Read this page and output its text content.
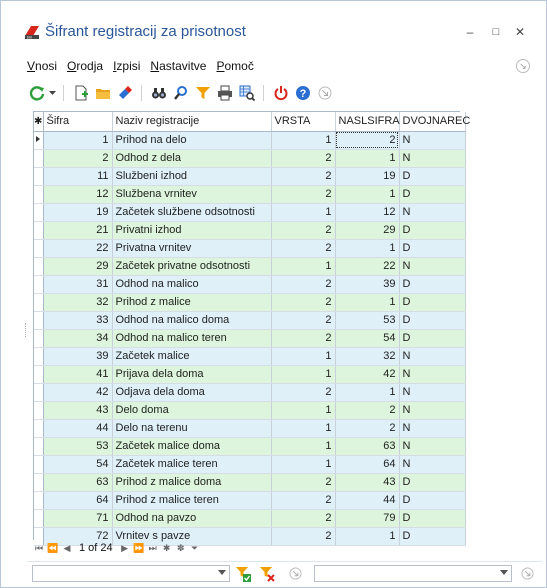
birr Šifrant registracij za prisotnost	–	□	✕
Vnosi Orodja Izpisi Nastavitve Pomoč	↘
?
✱	Šifra	Naziv registracije	VRSTA	NASLSIFRA	DVOJNAREC
	1	Prihod na delo	1	2	N
	2	Odhod z dela	2	1	N
	11	Službeni izhod	2	19	D
	12	Službena vrnitev	2	1	D
	19	Začetek službene odsotnosti	1	12	N
	21	Privatni izhod	2	29	D
	22	Privatna vrnitev	2	1	D
	29	Začetek privatne odsotnosti	1	22	N
	31	Odhod na malico	2	39	D
	32	Prihod z malice	2	1	D
	33	Odhod na malico doma	2	53	D
	34	Odhod na malico teren	2	54	D
	39	Začetek malice	1	32	N
	41	Prijava dela doma	1	42	N
	42	Odjava dela doma	2	1	N
	43	Delo doma	1	2	N
	44	Delo na terenu	1	2	N
	53	Začetek malice doma	1	63	N
	54	Začetek malice teren	1	64	N
	63	Prihod z malice doma	2	43	D
	64	Prihod z malice teren	2	44	D
	71	Odhod na pavzo	2	79	D
	72	Vrnitev s pavze	2	1	D
⏮ ⏪ ◀ 1 of 24 ▶ ⏩ ⏭ ✱ ✽ ⏷
